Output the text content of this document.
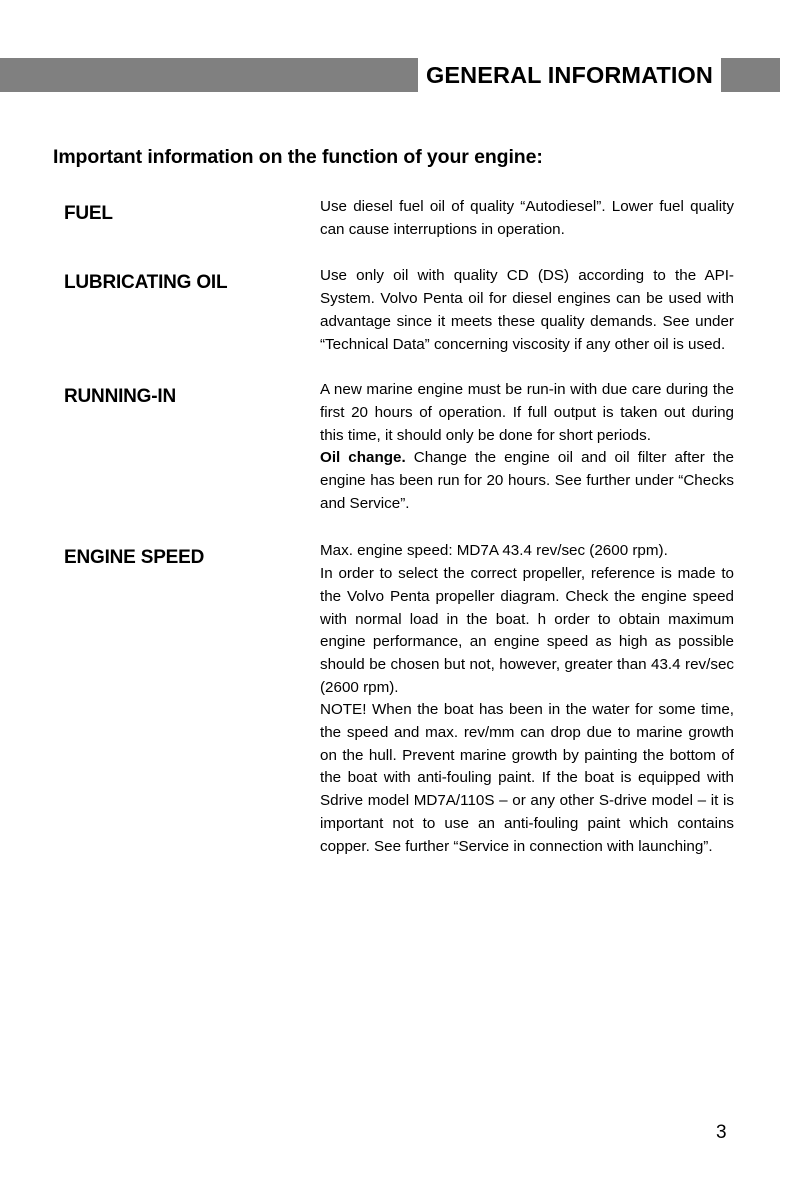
GENERAL INFORMATION
Important information on the function of your engine:
FUEL	Use diesel fuel oil of quality “Autodiesel”. Lower fuel quality can cause interruptions in operation.

LUBRICATING OIL	Use only oil with quality CD (DS) according to the API-System. Volvo Penta oil for diesel engines can be used with advantage since it meets these quality demands. See under “Technical Data” concerning viscosity if any other oil is used.

RUNNING-IN	A new marine engine must be run-in with due care during the first 20 hours of operation. If full output is taken out during this time, it should only be done for short periods.

Oil change. Change the engine oil and oil filter after the engine has been run for 20 hours. See further under “Checks and Service”.

ENGINE SPEED	Max. engine speed: MD7A 43.4 rev/sec (2600 rpm).

In order to select the correct propeller, reference is made to the Volvo Penta propeller diagram. Check the engine speed with normal load in the boat. h order to obtain maximum engine performance, an engine speed as high as possible should be chosen but not, however, greater than 43.4 rev/sec (2600 rpm).

NOTE! When the boat has been in the water for some time, the speed and max. rev/mm can drop due to marine growth on the hull. Prevent marine growth by painting the bottom of the boat with anti-fouling paint. If the boat is equipped with Sdrive model MD7A/110S – or any other S-drive model – it is important not to use an anti-fouling paint which contains copper. See further “Service in connection with launching”.

3
